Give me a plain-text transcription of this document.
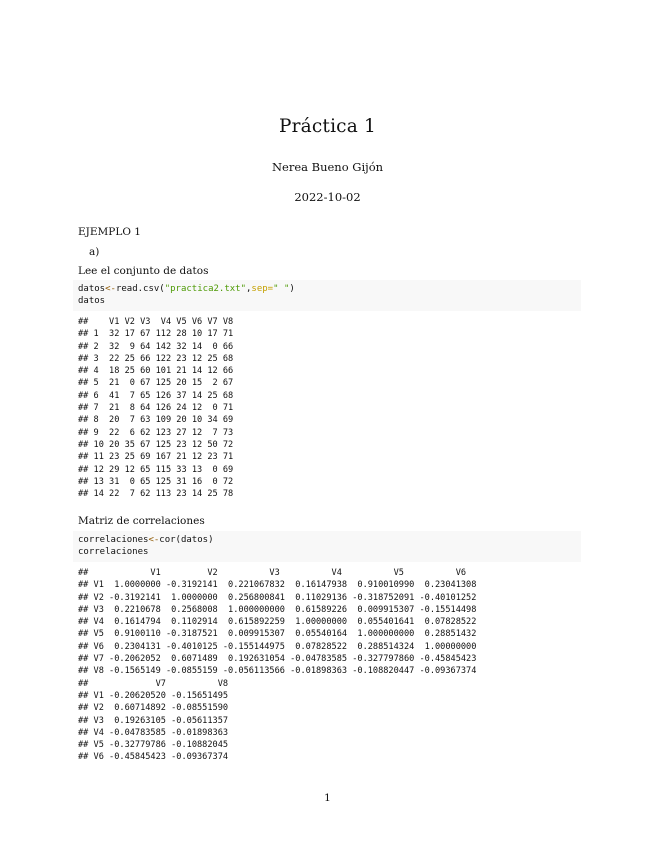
Práctica 1
Nerea Bueno Gijón
2022-10-02
EJEMPLO 1
a)
Lee el conjunto de datos
datos<-read.csv("practica2.txt",sep=" ")
datos
##    V1 V2 V3  V4 V5 V6 V7 V8
## 1  32 17 67 112 28 10 17 71
## 2  32  9 64 142 32 14  0 66
## 3  22 25 66 122 23 12 25 68
## 4  18 25 60 101 21 14 12 66
## 5  21  0 67 125 20 15  2 67
## 6  41  7 65 126 37 14 25 68
## 7  21  8 64 126 24 12  0 71
## 8  20  7 63 109 20 10 34 69
## 9  22  6 62 123 27 12  7 73
## 10 20 35 67 125 23 12 50 72
## 11 23 25 69 167 21 12 23 71
## 12 29 12 65 115 33 13  0 69
## 13 31  0 65 125 31 16  0 72
## 14 22  7 62 113 23 14 25 78
Matriz de correlaciones
correlaciones<-cor(datos)
correlaciones
##            V1         V2          V3          V4          V5          V6
## V1  1.0000000 -0.3192141  0.221067832  0.16147938  0.910010990  0.23041308
## V2 -0.3192141  1.0000000  0.256800841  0.11029136 -0.318752091 -0.40101252
## V3  0.2210678  0.2568008  1.000000000  0.61589226  0.009915307 -0.15514498
## V4  0.1614794  0.1102914  0.615892259  1.00000000  0.055401641  0.07828522
## V5  0.9100110 -0.3187521  0.009915307  0.05540164  1.000000000  0.28851432
## V6  0.2304131 -0.4010125 -0.155144975  0.07828522  0.288514324  1.00000000
## V7 -0.2062052  0.6071489  0.192631054 -0.04783585 -0.327797860 -0.45845423
## V8 -0.1565149 -0.0855159 -0.056113566 -0.01898363 -0.108820447 -0.09367374
##             V7          V8
## V1 -0.20620520 -0.15651495
## V2  0.60714892 -0.08551590
## V3  0.19263105 -0.05611357
## V4 -0.04783585 -0.01898363
## V5 -0.32779786 -0.10882045
## V6 -0.45845423 -0.09367374
1
